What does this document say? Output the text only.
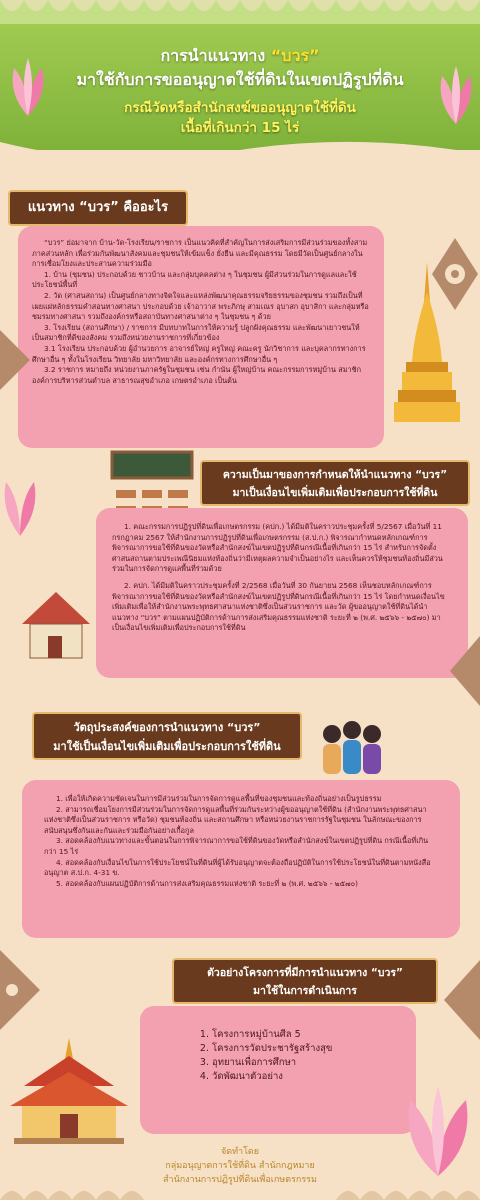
การนำแนวทาง “บวร”
มาใช้กับการขออนุญาตใช้ที่ดินในเขตปฏิรูปที่ดิน
กรณีวัดหรือสำนักสงฆ์ขออนุญาตใช้ที่ดิน
เนื้อที่เกินกว่า 15 ไร่
แนวทาง “บวร” คืออะไร

“บวร” ย่อมาจาก บ้าน-วัด-โรงเรียน/ราชการ เป็นแนวคิดที่สำคัญในการส่งเสริมการมีส่วนร่วมของทั้งสามภาคส่วนหลัก เพื่อร่วมกันพัฒนาสังคมและชุมชนให้เข้มแข็ง ยั่งยืน และมีคุณธรรม โดยมีวัดเป็นศูนย์กลางในการเชื่อมโยงและประสานความร่วมมือ

1. บ้าน (ชุมชน) ประกอบด้วย ชาวบ้าน และกลุ่มบุคคลต่าง ๆ ในชุมชน ผู้มีส่วนร่วมในการดูแลและใช้ประโยชน์พื้นที่

2. วัด (ศาสนสถาน) เป็นศูนย์กลางทางจิตใจและแหล่งพัฒนาคุณธรรมจริยธรรมของชุมชน รวมถึงเป็นที่เผยแผ่หลักธรรมคำสอนทางศาสนา ประกอบด้วย เจ้าอาวาส พระภิกษุ สามเณร อุบาสก อุบาสิกา และกลุ่มหรือชมรมทางศาสนา รวมถึงองค์กรหรือสถาบันทางศาสนาต่าง ๆ ในชุมชน ๆ ด้วย

3. โรงเรียน (สถานศึกษา) / ราชการ มีบทบาทในการให้ความรู้ ปลูกฝังคุณธรรม และพัฒนาเยาวชนให้เป็นสมาชิกที่ดีของสังคม รวมถึงหน่วยงานราชการที่เกี่ยวข้อง

3.1 โรงเรียน ประกอบด้วย ผู้อำนวยการ อาจารย์ใหญ่ ครูใหญ่ คณะครู นักวิชาการ และบุคลากรทางการศึกษาอื่น ๆ ทั้งในโรงเรียน วิทยาลัย มหาวิทยาลัย และองค์กรทางการศึกษาอื่น ๆ

3.2 ราชการ หมายถึง หน่วยงานภาครัฐในชุมชน เช่น กำนัน ผู้ใหญ่บ้าน คณะกรรมการหมู่บ้าน สมาชิกองค์การบริหารส่วนตำบล สาธารณสุขอำเภอ เกษตรอำเภอ เป็นต้น

ความเป็นมาของการกำหนดให้นำแนวทาง “บวร”
มาเป็นเงื่อนไขเพิ่มเติมเพื่อประกอบการใช้ที่ดิน

1. คณะกรรมการปฏิรูปที่ดินเพื่อเกษตรกรรม (คปก.) ได้มีมติในคราวประชุมครั้งที่ 5/2567 เมื่อวันที่ 11 กรกฎาคม 2567 ให้สำนักงานการปฏิรูปที่ดินเพื่อเกษตรกรรม (ส.ป.ก.) พิจารณากำหนดหลักเกณฑ์การพิจารณาการขอใช้ที่ดินของวัดหรือสำนักสงฆ์ในเขตปฏิรูปที่ดินกรณีเนื้อที่เกินกว่า 15 ไร่ สำหรับการจัดตั้งศาสนสถานตามประเพณีนิยมแห่งท้องถิ่นว่ามีเหตุผลความจำเป็นอย่างไร และเห็นควรให้ชุมชนท้องถิ่นมีส่วนร่วมในการจัดการดูแลพื้นที่ร่วมด้วย

2. คปก. ได้มีมติในคราวประชุมครั้งที่ 2/2568 เมื่อวันที่ 30 กันยายน 2568 เห็นชอบหลักเกณฑ์การพิจารณาการขอใช้ที่ดินของวัดหรือสำนักสงฆ์ในเขตปฏิรูปที่ดินกรณีเนื้อที่เกินกว่า 15 ไร่ โดยกำหนดเงื่อนไขเพิ่มเติมเพื่อให้สำนักงานพระพุทธศาสนาแห่งชาติซึ่งเป็นส่วนราชการ และวัด ผู้ขออนุญาตใช้ที่ดินได้นำแนวทาง “บวร” ตามแผนปฏิบัติการด้านการส่งเสริมคุณธรรมแห่งชาติ ระยะที่ ๒ (พ.ศ. ๒๕๖๖ - ๒๕๗๐) มาเป็นเงื่อนไขเพิ่มเติมเพื่อประกอบการใช้ที่ดิน

วัตถุประสงค์ของการนำแนวทาง “บวร”
มาใช้เป็นเงื่อนไขเพิ่มเติมเพื่อประกอบการใช้ที่ดิน

1. เพื่อให้เกิดความชัดเจนในการมีส่วนร่วมในการจัดการดูแลพื้นที่ของชุมชนและท้องถิ่นอย่างเป็นรูปธรรม

2. สามารถเชื่อมโยงการมีส่วนร่วมในการจัดการดูแลพื้นที่ร่วมกันระหว่างผู้ขออนุญาตใช้ที่ดิน (สำนักงานพระพุทธศาสนาแห่งชาติซึ่งเป็นส่วนราชการ หรือวัด) ชุมชนท้องถิ่น และสถานศึกษา หรือหน่วยงานราชการรัฐในชุมชน ในลักษณะของการสนับสนุนซึ่งกันและกันและร่วมมือกันอย่างเกื้อกูล

3. สอดคล้องกับแนวทางและขั้นตอนในการพิจารณาการขอใช้ที่ดินของวัดหรือสำนักสงฆ์ในเขตปฏิรูปที่ดิน กรณีเนื้อที่เกินกว่า 15 ไร่

4. สอดคล้องกับเงื่อนไขในการใช้ประโยชน์ในที่ดินที่ผู้ได้รับอนุญาตจะต้องถือปฏิบัติในการใช้ประโยชน์ในที่ดินตามหนังสืออนุญาต ส.ป.ก. 4-31 ข.

5. สอดคล้องกับแผนปฏิบัติการด้านการส่งเสริมคุณธรรมแห่งชาติ ระยะที่ ๒ (พ.ศ. ๒๕๖๖ - ๒๕๗๐)

ตัวอย่างโครงการที่มีการนำแนวทาง “บวร”
มาใช้ในการดำเนินการ
1. โครงการหมู่บ้านศีล 5
2. โครงการวัดประชารัฐสร้างสุข
3. อุทยานเพื่อการศึกษา
4. วัดพัฒนาตัวอย่าง
จัดทำโดย
กลุ่มอนุญาตการใช้ที่ดิน สำนักกฎหมาย
สำนักงานการปฏิรูปที่ดินเพื่อเกษตรกรรม
